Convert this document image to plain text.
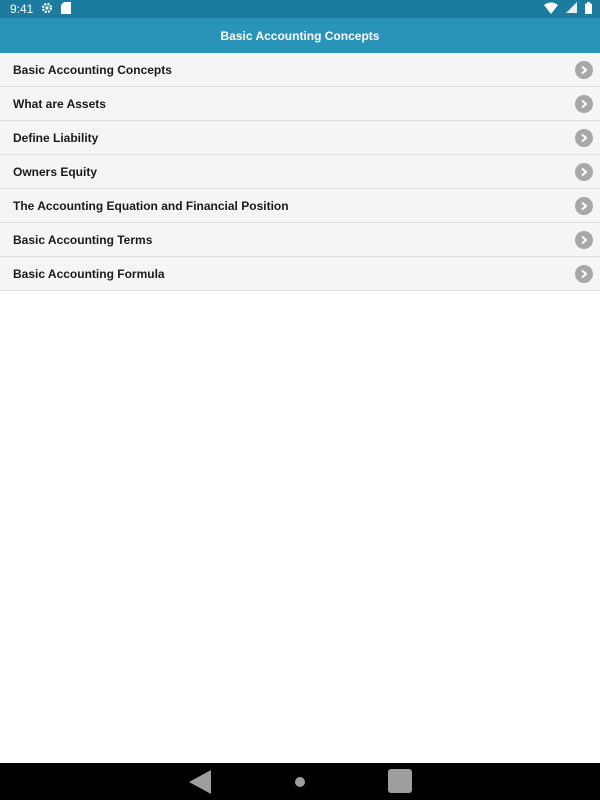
9:41
Basic Accounting Concepts
Basic Accounting Concepts
What are Assets
Define Liability
Owners Equity
The Accounting Equation and Financial Position
Basic Accounting Terms
Basic Accounting Formula
